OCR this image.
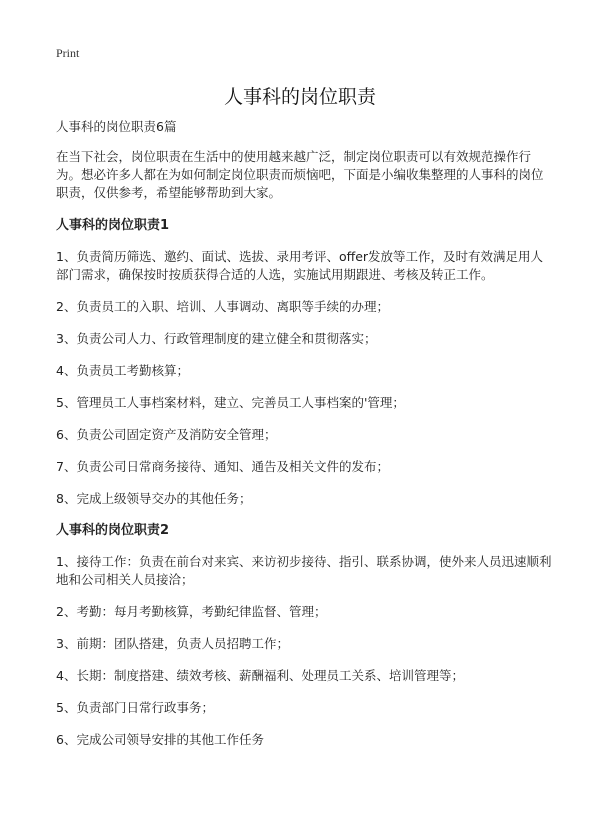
Print
人事科的岗位职责

人事科的岗位职责6篇

在当下社会，岗位职责在生活中的使用越来越广泛，制定岗位职责可以有效规范操作行为。想必许多人都在为如何制定岗位职责而烦恼吧，下面是小编收集整理的人事科的岗位职责，仅供参考，希望能够帮助到大家。

人事科的岗位职责1

1、负责简历筛选、邀约、面试、选拔、录用考评、offer发放等工作，及时有效满足用人部门需求，确保按时按质获得合适的人选，实施试用期跟进、考核及转正工作。

2、负责员工的入职、培训、人事调动、离职等手续的办理；

3、负责公司人力、行政管理制度的建立健全和贯彻落实；

4、负责员工考勤核算；

5、管理员工人事档案材料，建立、完善员工人事档案的'管理；

6、负责公司固定资产及消防安全管理；

7、负责公司日常商务接待、通知、通告及相关文件的发布；

8、完成上级领导交办的其他任务；

人事科的岗位职责2

1、接待工作：负责在前台对来宾、来访初步接待、指引、联系协调，使外来人员迅速顺利地和公司相关人员接洽；

2、考勤：每月考勤核算，考勤纪律监督、管理；

3、前期：团队搭建，负责人员招聘工作；

4、长期：制度搭建、绩效考核、薪酬福利、处理员工关系、培训管理等；

5、负责部门日常行政事务；

6、完成公司领导安排的其他工作任务
